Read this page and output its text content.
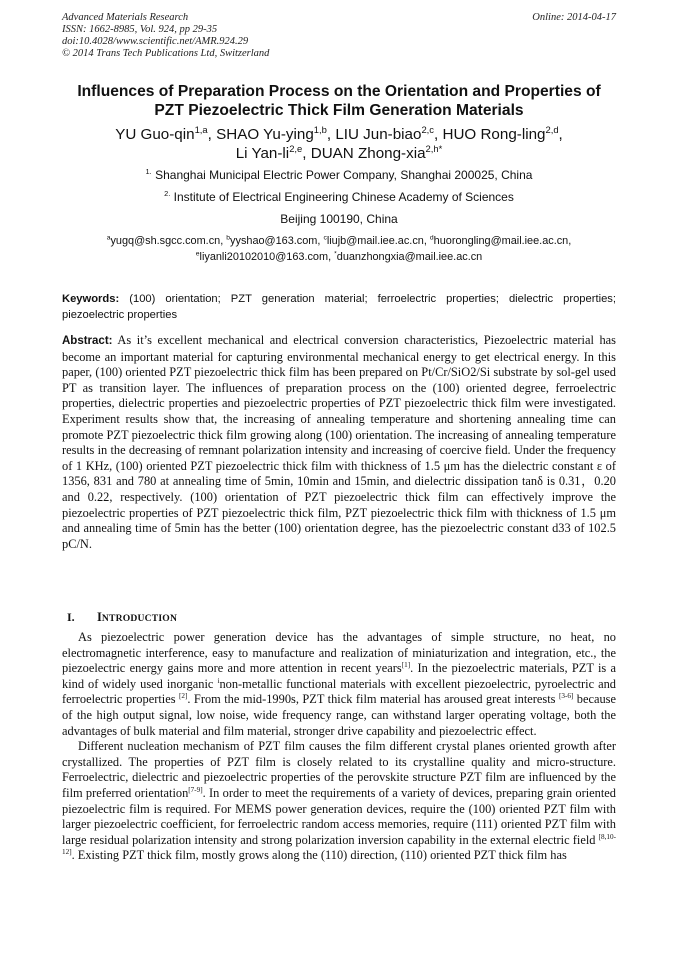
Advanced Materials Research
ISSN: 1662-8985, Vol. 924, pp 29-35
doi:10.4028/www.scientific.net/AMR.924.29
© 2014 Trans Tech Publications Ltd, Switzerland
Online: 2014-04-17
Influences of Preparation Process on the Orientation and Properties of
PZT Piezoelectric Thick Film Generation Materials
YU Guo-qin$^{1,a}$, SHAO Yu-ying$^{1,b}$, LIU Jun-biao$^{2,c}$, HUO Rong-ling$^{2,d}$,
Li Yan-li$^{2,e}$, DUAN Zhong-xia$^{2,h*}$
$^{1.}$ Shanghai Municipal Electric Power Company, Shanghai 200025, China
$^{2.}$ Institute of Electrical Engineering Chinese Academy of Sciences
Beijing 100190, China
$^a$yugq@sh.sgcc.com.cn, $^b$yyshao@163.com, $^c$liujb@mail.iee.ac.cn, $^d$huorongling@mail.iee.ac.cn,
$^e$liyanli20102010@163.com, *duanzhongxia@mail.iee.ac.cn
Keywords: (100) orientation; PZT generation material; ferroelectric properties; dielectric properties; piezoelectric properties

Abstract: As it’s excellent mechanical and electrical conversion characteristics, Piezoelectric material has become an important material for capturing environmental mechanical energy to get electrical energy. In this paper, (100) oriented PZT piezoelectric thick film has been prepared on Pt/Cr/SiO2/Si substrate by sol-gel used PT as transition layer. The influences of preparation process on the (100) oriented degree, ferroelectric properties, dielectric properties and piezoelectric properties of PZT piezoelectric thick film were investigated. Experiment results show that, the increasing of annealing temperature and shortening annealing time can promote PZT piezoelectric thick film growing along (100) orientation. The increasing of annealing temperature results in the decreasing of remnant polarization intensity and increasing of coercive field. Under the frequency of 1 KHz, (100) oriented PZT piezoelectric thick film with thickness of 1.5 μm has the dielectric constant ε of 1356, 831 and 780 at annealing time of 5min, 10min and 15min, and dielectric dissipation tanδ is 0.31，0.20 and 0.22, respectively. (100) orientation of PZT piezoelectric thick film can effectively improve the piezoelectric properties of PZT piezoelectric thick film, PZT piezoelectric thick film with thickness of 1.5 μm and annealing time of 5min has the better (100) orientation degree, has the piezoelectric constant d33 of 102.5 pC/N.

I. INTRODUCTION

As piezoelectric power generation device has the advantages of simple structure, no heat, no electromagnetic interference, easy to manufacture and realization of miniaturization and integration, etc., the piezoelectric energy gains more and more attention in recent years[1]. In the piezoelectric materials, PZT is a kind of widely used inorganic $^i$non-metallic functional materials with excellent piezoelectric, pyroelectric and ferroelectric properties [2]. From the mid-1990s, PZT thick film material has aroused great interests [3-6] because of the high output signal, low noise, wide frequency range, can withstand larger operating voltage, both the advantages of bulk material and film material, stronger drive capability and piezoelectric effect.

Different nucleation mechanism of PZT film causes the film different crystal planes oriented growth after crystallized. The properties of PZT film is closely related to its crystalline quality and micro-structure. Ferroelectric, dielectric and piezoelectric properties of the perovskite structure PZT film are influenced by the film preferred orientation[7-9]. In order to meet the requirements of a variety of devices, preparing grain oriented piezoelectric film is required. For MEMS power generation devices, require the (100) oriented PZT film with larger piezoelectric coefficient, for ferroelectric random access memories, require (111) oriented PZT film with large residual polarization intensity and strong polarization inversion capability in the external electric field [8,10-12]. Existing PZT thick film, mostly grows along the (110) direction, (110) oriented PZT thick film has
